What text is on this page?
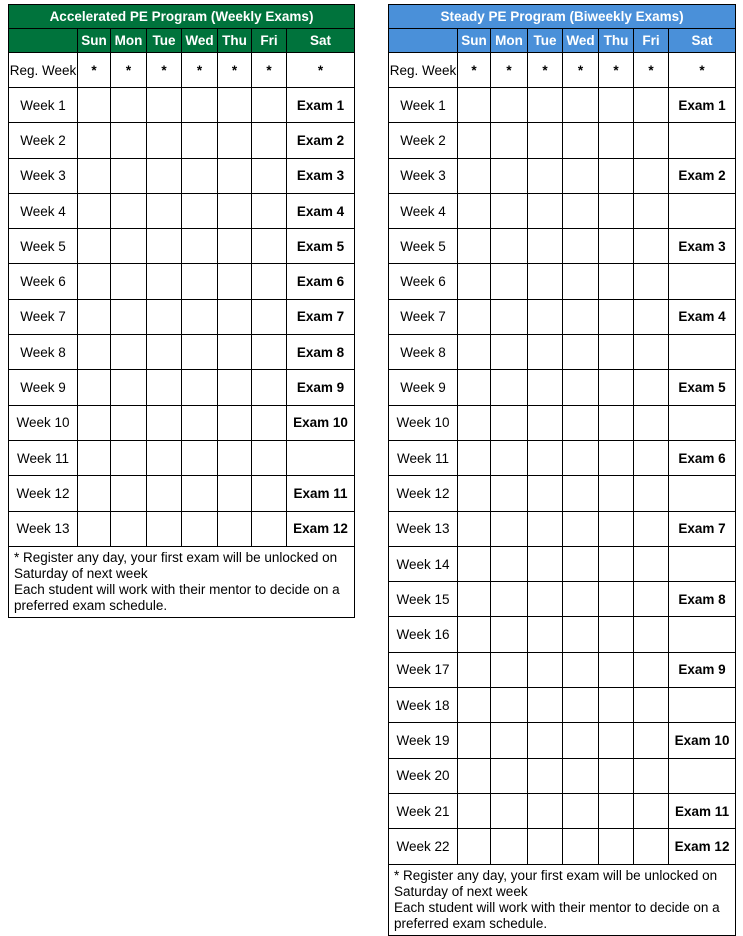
Accelerated PE Program (Weekly Exams)							
	Sun	Mon	Tue	Wed	Thu	Fri	Sat
Reg. Week	*	*	*	*	*	*	*
Week 1							Exam 1
Week 2							Exam 2
Week 3							Exam 3
Week 4							Exam 4
Week 5							Exam 5
Week 6							Exam 6
Week 7							Exam 7
Week 8							Exam 8
Week 9							Exam 9
Week 10							Exam 10
Week 11							
Week 12							Exam 11
Week 13							Exam 12

* Register any day, your first exam will be unlocked on Saturday of next week
Each student will work with their mentor to decide on a preferred exam schedule.							
Steady PE Program (Biweekly Exams)							
	Sun	Mon	Tue	Wed	Thu	Fri	Sat
Reg. Week	*	*	*	*	*	*	*
Week 1							Exam 1
Week 2							
Week 3							Exam 2
Week 4							
Week 5							Exam 3
Week 6							
Week 7							Exam 4
Week 8							
Week 9							Exam 5
Week 10							
Week 11							Exam 6
Week 12							
Week 13							Exam 7
Week 14							
Week 15							Exam 8
Week 16							
Week 17							Exam 9
Week 18							
Week 19							Exam 10
Week 20							
Week 21							Exam 11
Week 22							Exam 12

* Register any day, your first exam will be unlocked on Saturday of next week
Each student will work with their mentor to decide on a preferred exam schedule.							
